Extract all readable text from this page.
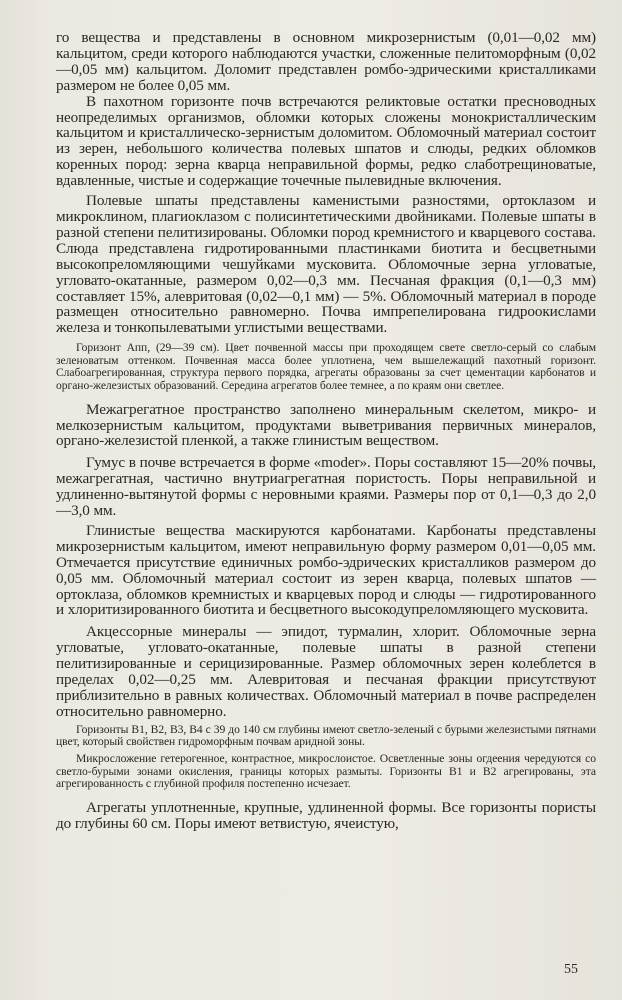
го вещества и представлены в основном микрозернистым (0,01—0,02 мм) кальцитом, среди которого наблюдаются участки, сложенные пелитоморфным (0,02—0,05 мм) кальцитом. Доломит представлен ромбо-эдрическими кристалликами размером не более 0,05 мм.

В пахотном горизонте почв встречаются реликтовые остатки пресноводных неопределимых организмов, обломки которых сложены монокристаллическим кальцитом и кристаллическо-зернистым доломитом. Обломочный материал состоит из зерен, небольшого количества полевых шпатов и слюды, редких обломков коренных пород: зерна кварца неправильной формы, редко слаботрещиноватые, вдавленные, чистые и содержащие точечные пылевидные включения.

Полевые шпаты представлены каменистыми разностями, ортоклазом и микроклином, плагиоклазом с полисинтетическими двойниками. Полевые шпаты в разной степени пелитизированы. Обломки пород кремнистого и кварцевого состава. Слюда представлена гидротированными пластинками биотита и бесцветными высокопреломляющими чешуйками мусковита. Обломочные зерна угловатые, угловато-окатанные, размером 0,02—0,3 мм. Песчаная фракция (0,1—0,3 мм) составляет 15%, алевритовая (0,02—0,1 мм) — 5%. Обломочный материал в породе размещен относительно равномерно. Почва импрепелирована гидроокислами железа и тонкопылеватыми углистыми веществами.

Горизонт Aпп, (29—39 см). Цвет почвенной массы при проходящем свете светло-серый со слабым зеленоватым оттенком. Почвенная масса более уплотнена, чем вышележащий пахотный горизонт. Слабоагрегированная, структура первого порядка, агрегаты образованы за счет цементации карбонатов и органо-железистых образований. Середина агрегатов более темнее, а по краям они светлее.

Межагрегатное пространство заполнено минеральным скелетом, микро- и мелкозернистым кальцитом, продуктами выветривания первичных минералов, органо-железистой пленкой, а также глинистым веществом.

Гумус в почве встречается в форме «moder». Поры составляют 15—20% почвы, межагрегатная, частично внутриагрегатная пористость. Поры неправильной и удлиненно-вытянутой формы с неровными краями. Размеры пор от 0,1—0,3 до 2,0—3,0 мм.

Глинистые вещества маскируются карбонатами. Карбонаты представлены микрозернистым кальцитом, имеют неправильную форму размером 0,01—0,05 мм. Отмечается присутствие единичных ромбо-эдрических кристалликов размером до 0,05 мм. Обломочный материал состоит из зерен кварца, полевых шпатов — ортоклаза, обломков кремнистых и кварцевых пород и слюды — гидротированного и хлоритизированного биотита и бесцветного высокодупреломляющего мусковита.

Акцессорные минералы — эпидот, турмалин, хлорит. Обломочные зерна угловатые, угловато-окатанные, полевые шпаты в разной степени пелитизированные и серицизированные. Размер обломочных зерен колеблется в пределах 0,02—0,25 мм. Алевритовая и песчаная фракции присутствуют приблизительно в равных количествах. Обломочный материал в почве распределен относительно равномерно.

Горизонты B1, B2, B3, B4 с 39 до 140 см глубины имеют светло-зеленый с бурыми железистыми пятнами цвет, который свойствен гидроморфным почвам аридной зоны.

Микросложение гетерогенное, контрастное, микрослоистое. Осветленные зоны огдеения чередуются со светло-бурыми зонами окисления, границы которых размыты. Горизонты B1 и B2 агрегированы, эта агрегированность с глубиной профиля постепенно исчезает.

Агрегаты уплотненные, крупные, удлиненной формы. Все горизонты пористы до глубины 60 см. Поры имеют ветвистую, ячеистую,

55
